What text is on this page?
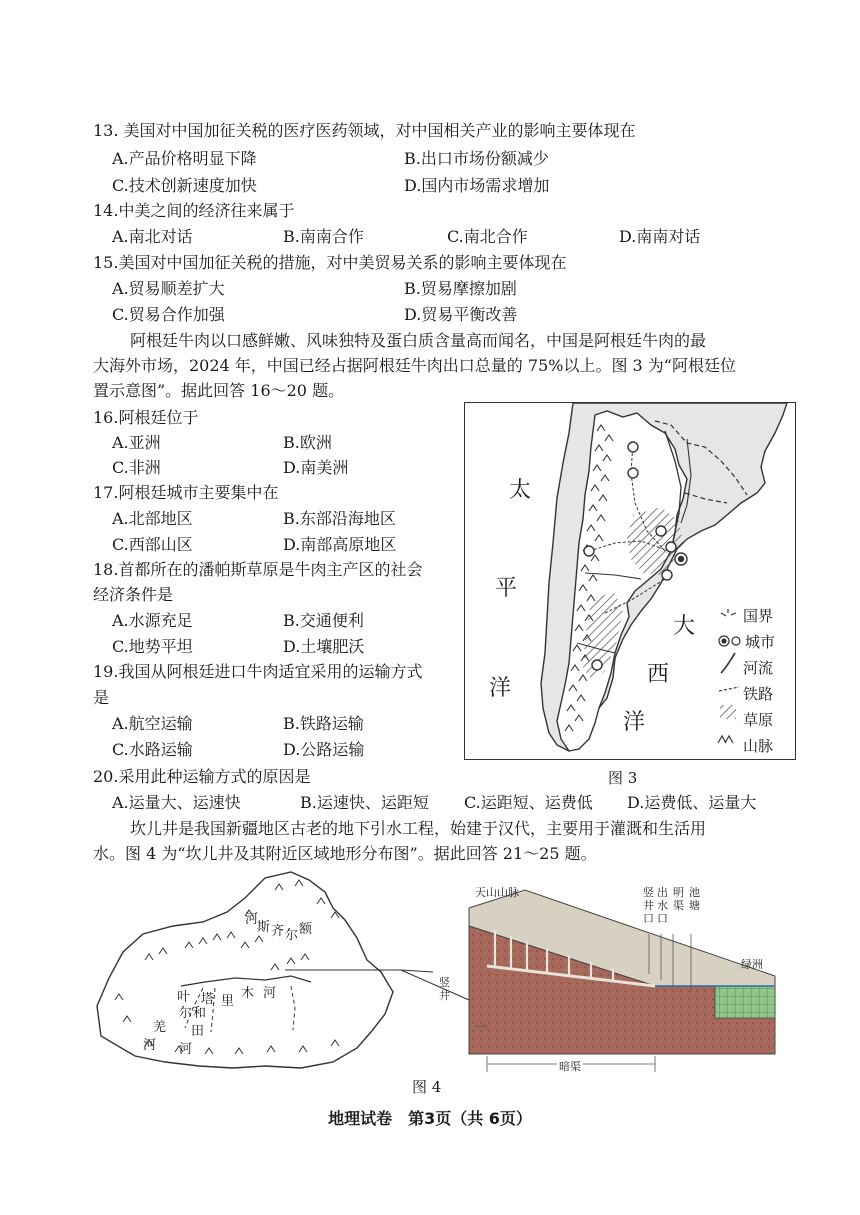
13. 美国对中国加征关税的医疗医药领域，对中国相关产业的影响主要体现在
A.产品价格明显下降	B.出口市场份额减少
C.技术创新速度加快	D.国内市场需求增加
14.中美之间的经济往来属于
A.南北对话	B.南南合作	C.南北合作	D.南南对话
15.美国对中国加征关税的措施，对中美贸易关系的影响主要体现在
A.贸易顺差扩大	B.贸易摩擦加剧
C.贸易合作加强	D.贸易平衡改善
阿根廷牛肉以口感鲜嫩、风味独特及蛋白质含量高而闻名，中国是阿根廷牛肉的最
大海外市场，2024 年，中国已经占据阿根廷牛肉出口总量的 75%以上。图 3 为“阿根廷位
置示意图”。据此回答 16～20 题。
16.阿根廷位于
A.亚洲	B.欧洲
C.非洲	D.南美洲
17.阿根廷城市主要集中在
A.北部地区	B.东部沿海地区
C.西部山区	D.南部高原地区
18.首都所在的潘帕斯草原是牛肉主产区的社会
经济条件是
A.水源充足	B.交通便利
C.地势平坦	D.土壤肥沃
19.我国从阿根廷进口牛肉适宜采用的运输方式
是
A.航空运输	B.铁路运输
C.水路运输	D.公路运输
太
平
洋
大
西
洋
国界
城市
河流
铁路
草原
山脉
图 3
20.采用此种运输方式的原因是
A.运量大、运速快	B.运速快、运距短 C.运距短、运费低 D.运费低、运量大
坎儿井是我国新疆地区古老的地下引水工程，始建于汉代，主要用于灌溉和生活用
水。图 4 为“坎儿井及其附近区域地形分布图”。据此回答 21～25 题。
河
斯 齐 尔 额
叶 塔 里
木 河
尔 和
羌 田
河 河
天山山脉	竖
井
口
出
水
口
明
渠
池
塘
绿洲
竖
井
暗渠
图 4
地理试卷　第3页（共 6页）
